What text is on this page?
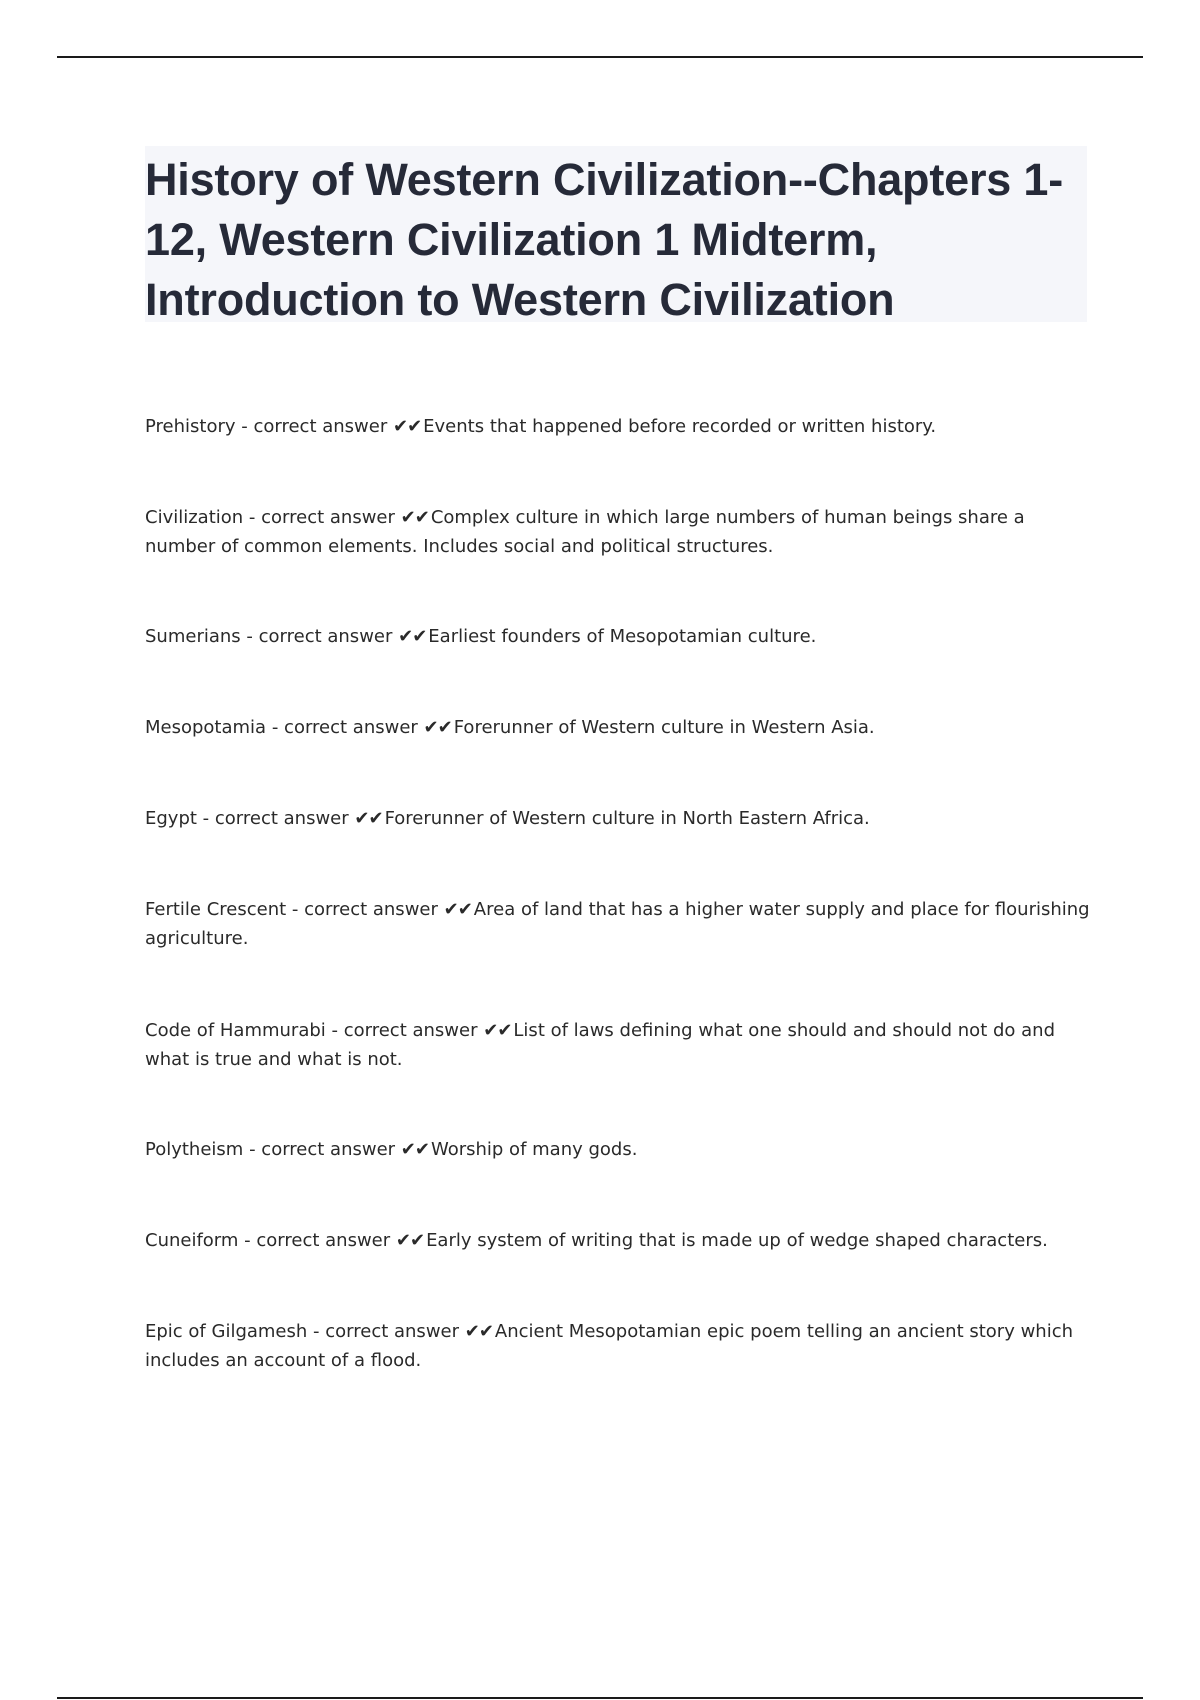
History of Western Civilization--Chapters 1-12, Western Civilization 1 Midterm, Introduction to Western Civilization
Prehistory - correct answer ✔✔ Events that happened before recorded or written history.
Civilization - correct answer ✔✔ Complex culture in which large numbers of human beings share a number of common elements. Includes social and political structures.
Sumerians - correct answer ✔✔ Earliest founders of Mesopotamian culture.
Mesopotamia - correct answer ✔✔ Forerunner of Western culture in Western Asia.
Egypt - correct answer ✔✔ Forerunner of Western culture in North Eastern Africa.
Fertile Crescent - correct answer ✔✔ Area of land that has a higher water supply and place for flourishing agriculture.
Code of Hammurabi - correct answer ✔✔ List of laws defining what one should and should not do and what is true and what is not.
Polytheism - correct answer ✔✔ Worship of many gods.
Cuneiform - correct answer ✔✔ Early system of writing that is made up of wedge shaped characters.
Epic of Gilgamesh - correct answer ✔✔ Ancient Mesopotamian epic poem telling an ancient story which includes an account of a flood.
